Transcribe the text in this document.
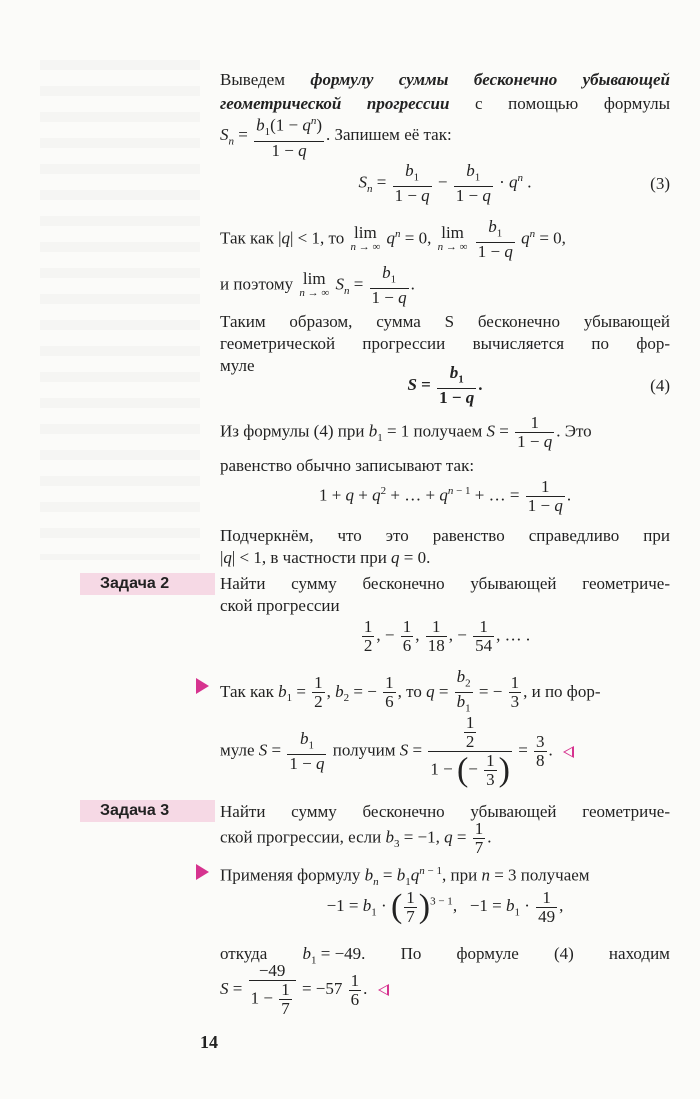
Выведем формулу суммы бесконечно убывающей
геометрической прогрессии с помощью формулы
$S_n = \frac{b_1(1 - q^n)}{1 - q}$ . Запишем её так:
$S_n = \frac{b_1}{1 - q} - \frac{b_1}{1 - q} \cdot q^n$ .	(3)
Так как |q| < 1, то lim
n → ∞ $q^n = 0$, lim
n → ∞
$\frac{b_1}{1 - q} q^n = 0$,
и поэтому lim
n → ∞ $S_n = \frac{b_1}{1 - q}$ .
Таким образом, сумма S бесконечно убывающей
геометрической прогрессии вычисляется по фор-
муле
$S = \frac{b_1}{1 - q}$ .	(4)
Из формулы (4) при $b_1 = 1$ получаем $S = \frac{1}{1 - q}$ . Это
равенство обычно записывают так:
$1 + q + q^2$ + … + $q^{n - 1}$ + … = $\frac{1}{1 - q}$ .
Подчеркнём, что это равенство справедливо при
|q| < 1, в частности при q = 0.
Задача 2	Найти сумму бесконечно убывающей геометриче-
ской прогрессии
$\frac{1}{2}$ , − $\frac{1}{6}$ , $\frac{1}{18}$ , − $\frac{1}{54}$ , … .
Так как $b_1 = \frac{1}{2}$ , $b_2$ = − $\frac{1}{6}$ , то $q = \frac{b_2}{b_1}$ = − $\frac{1}{3}$ , и по фор-
муле $S = \frac{b_1}{1 - q}$ получим $S = \frac{\frac{1}{2}}{1 - (- \frac{1}{3} )} = \frac{3}{8}$ .
Задача 3	Найти сумму бесконечно убывающей геометриче-
ской прогрессии, если $b_3 = -1$, $q = \frac{1}{7}$ .
Применяя формулу $b_n = b_1q^{n - 1}$, при n = 3 получаем
$-1 = b_1$ · ( $\frac{1}{7} )^{3 - 1}$,   $-1 = b_1 \cdot \frac{1}{49}$ ,
откуда $b_1 = -49$. По формуле (4) находим
$S = \frac{-49}{1 - \frac{1}{7}} = -57 \frac{1}{6}$ .
14
